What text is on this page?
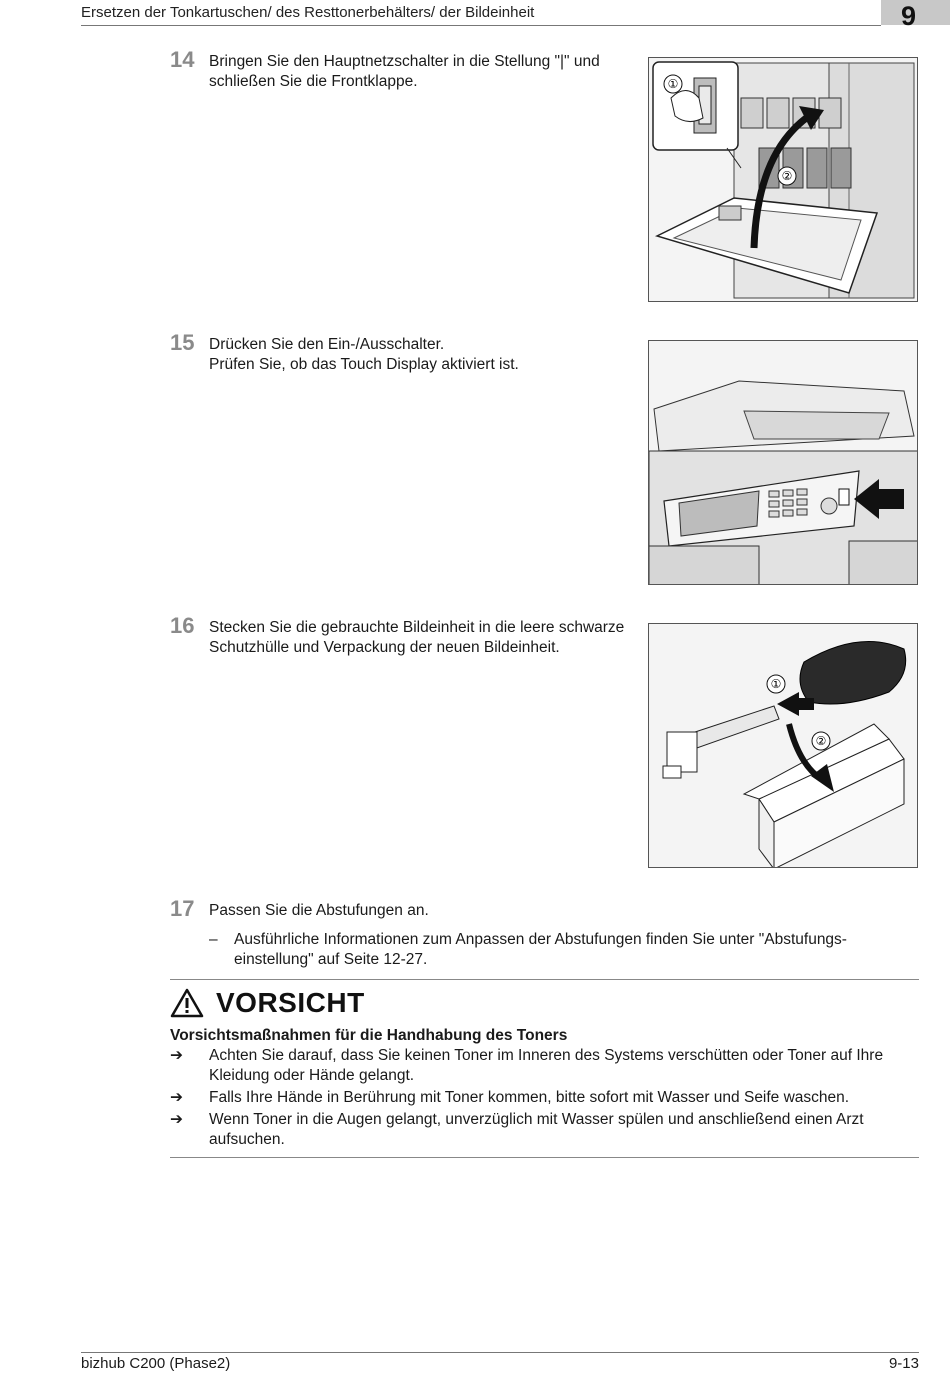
Ersetzen der Tonkartuschen/ des Resttonerbehälters/ der Bildeinheit	9
14 Bringen Sie den Hauptnetzschalter in die Stellung "|" und
schließen Sie die Frontklappe.	①
②
15 Drücken Sie den Ein-/Ausschalter.
Prüfen Sie, ob das Touch Display aktiviert ist.
16 Stecken Sie die gebrauchte Bildeinheit in die leere schwarze
Schutzhülle und Verpackung der neuen Bildeinheit.
①
②
17 Passen Sie die Abstufungen an.
– Ausführliche Informationen zum Anpassen der Abstufungen finden Sie unter "Abstufungs-
einstellung" auf Seite 12-27.
VORSICHT
Vorsichtsmaßnahmen für die Handhabung des Toners
➔ Achten Sie darauf, dass Sie keinen Toner im Inneren des Systems verschütten oder Toner auf Ihre
Kleidung oder Hände gelangt.
➔ Falls Ihre Hände in Berührung mit Toner kommen, bitte sofort mit Wasser und Seife waschen.
➔ Wenn Toner in die Augen gelangt, unverzüglich mit Wasser spülen und anschließend einen Arzt
aufsuchen.
bizhub C200 (Phase2)	9-13
